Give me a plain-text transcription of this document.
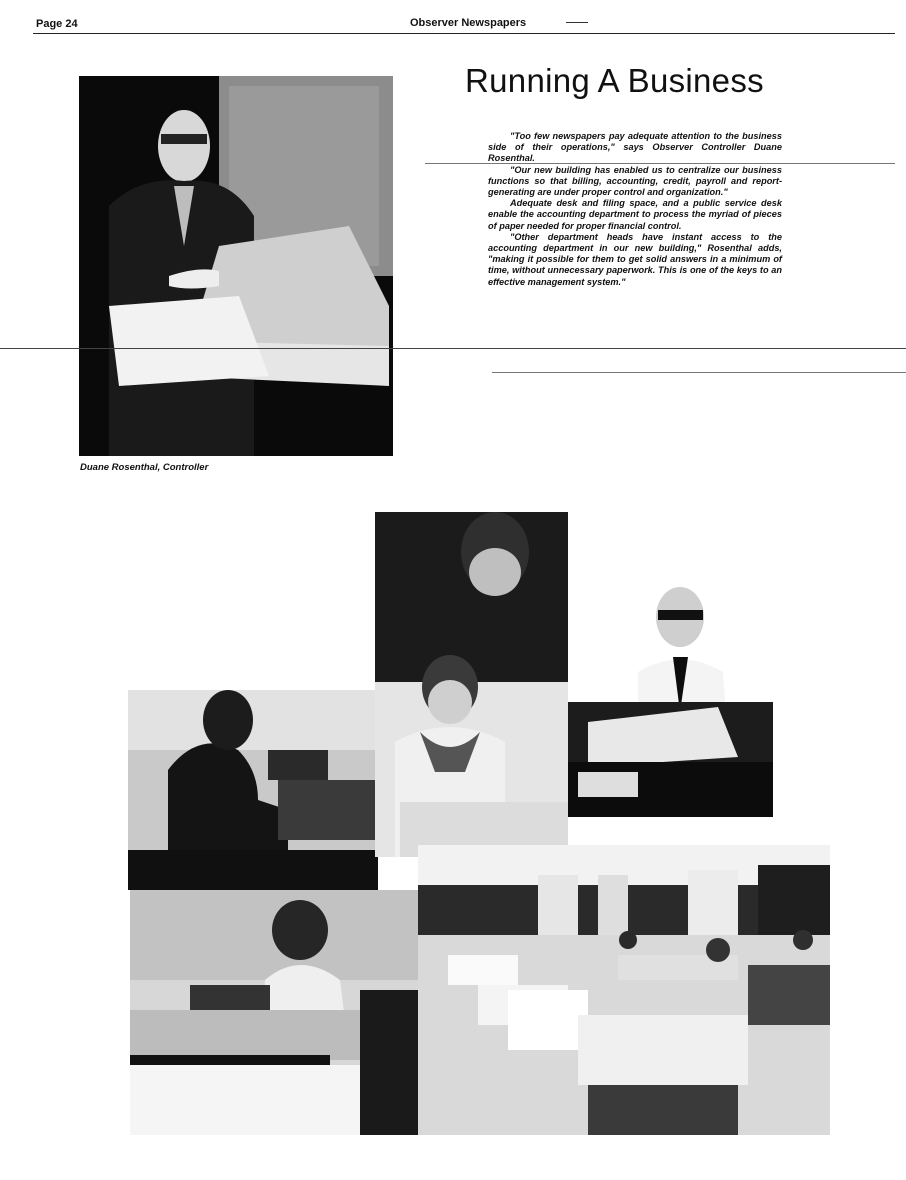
Page 24	Observer Newspapers
Duane Rosenthal, Controller
Running A Business

"Too few newspapers pay adequate attention to the business side of their operations," says Observer Controller Duane Rosenthal.

"Our new building has enabled us to centralize our business functions so that billing, accounting, credit, payroll and report-generating are under proper control and organization."

Adequate desk and filing space, and a public service desk enable the accounting department to process the myriad of pieces of paper needed for proper financial control.

"Other department heads have instant access to the accounting department in our new building," Rosenthal adds, "making it possible for them to get solid answers in a minimum of time, without unnecessary paperwork. This is one of the keys to an effective management system."
